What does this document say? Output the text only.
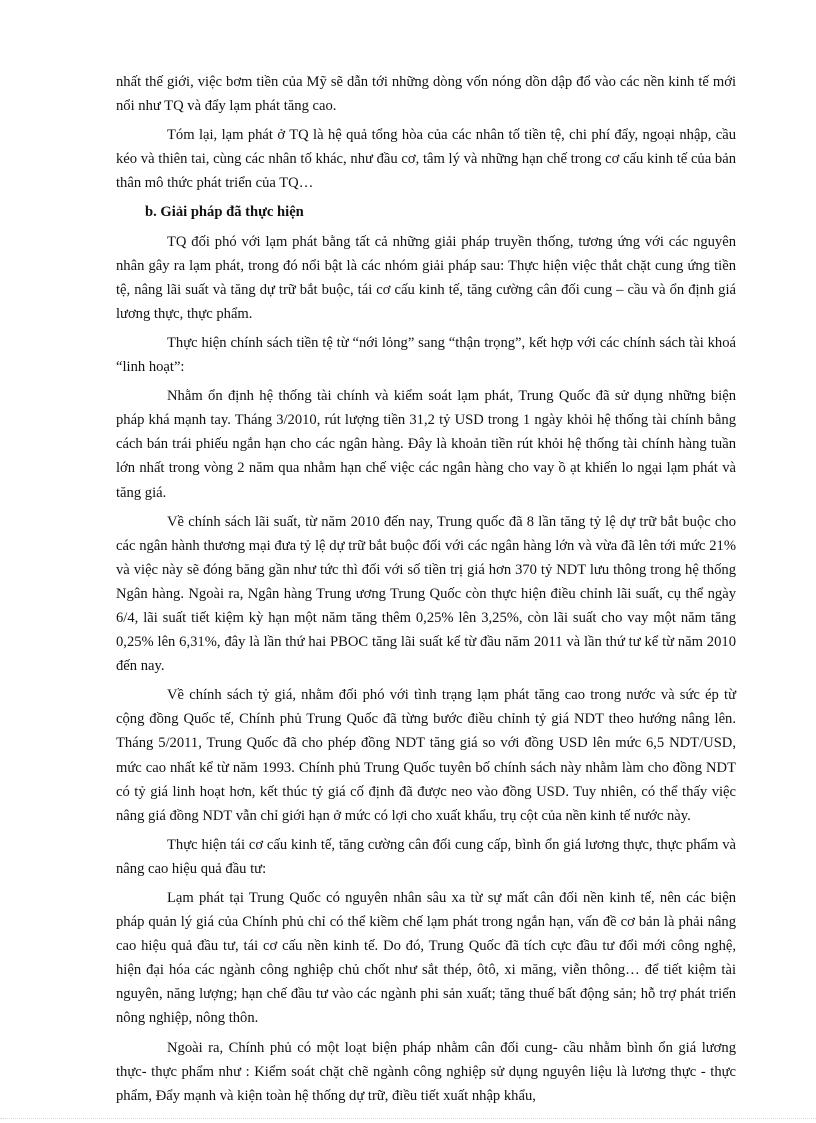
nhất thế giới, việc bơm tiền của Mỹ sẽ dẫn tới những dòng vốn nóng dồn dập đổ vào các nền kinh tế mới nổi như TQ và đẩy lạm phát tăng cao.

Tóm lại, lạm phát ở TQ là hệ quả tổng hòa của các nhân tố tiền tệ, chi phí đẩy, ngoại nhập, cầu kéo và thiên tai, cùng các nhân tố khác, như đầu cơ, tâm lý và những hạn chế trong cơ cấu kinh tế của bản thân mô thức phát triển của TQ…

b. Giải pháp đã thực hiện

TQ đối phó với lạm phát bằng tất cả những giải pháp truyền thống, tương ứng với các nguyên nhân gây ra lạm phát, trong đó nổi bật là các nhóm giải pháp sau: Thực hiện việc thắt chặt cung ứng tiền tệ, nâng lãi suất và tăng dự trữ bắt buộc, tái cơ cấu kinh tế, tăng cường cân đối cung – cầu và ổn định giá lương thực, thực phẩm.

Thực hiện chính sách tiền tệ từ “nới lỏng” sang “thận trọng”, kết hợp với các chính sách tài khoá “linh hoạt”:

Nhằm ổn định hệ thống tài chính và kiểm soát lạm phát, Trung Quốc đã sử dụng những biện pháp khá mạnh tay. Tháng 3/2010, rút lượng tiền 31,2 tỷ USD trong 1 ngày khỏi hệ thống tài chính bằng cách bán trái phiếu ngắn hạn cho các ngân hàng. Đây là khoản tiền rút khỏi hệ thống tài chính hàng tuần lớn nhất trong vòng 2 năm qua nhằm hạn chế việc các ngân hàng cho vay ồ ạt khiến lo ngại lạm phát và tăng giá.

Về chính sách lãi suất, từ năm 2010 đến nay, Trung quốc đã 8 lần tăng tỷ lệ dự trữ bắt buộc cho các ngân hành thương mại đưa tỷ lệ dự trữ bắt buộc đối với các ngân hàng lớn và vừa đã lên tới mức 21% và việc này sẽ đóng băng gần như tức thì đối với số tiền trị giá hơn 370 tỷ NDT lưu thông trong hệ thống Ngân hàng. Ngoài ra, Ngân hàng Trung ương Trung Quốc còn thực hiện điều chỉnh lãi suất, cụ thể ngày 6/4, lãi suất tiết kiệm kỳ hạn một năm tăng thêm 0,25% lên 3,25%, còn lãi suất cho vay một năm tăng 0,25% lên 6,31%, đây là lần thứ hai PBOC tăng lãi suất kể từ đầu năm 2011 và lần thứ tư kể từ năm 2010 đến nay.

Về chính sách tỷ giá, nhằm đối phó với tình trạng lạm phát tăng cao trong nước và sức ép từ cộng đồng Quốc tế, Chính phủ Trung Quốc đã từng bước điều chỉnh tỷ giá NDT theo hướng nâng lên. Tháng 5/2011, Trung Quốc đã cho phép đồng NDT tăng giá so với đồng USD lên mức 6,5 NDT/USD, mức cao nhất kể từ năm 1993. Chính phủ Trung Quốc tuyên bố chính sách này nhằm làm cho đồng NDT có tỷ giá linh hoạt hơn, kết thúc tỷ giá cố định đã được neo vào đồng USD. Tuy nhiên, có thể thấy việc nâng giá đồng NDT vẫn chỉ giới hạn ở mức có lợi cho xuất khẩu, trụ cột của nền kinh tế nước này.

Thực hiện tái cơ cấu kinh tế, tăng cường cân đối cung cấp, bình ổn giá lương thực, thực phẩm và nâng cao hiệu quả đầu tư:

Lạm phát tại Trung Quốc có nguyên nhân sâu xa từ sự mất cân đối nền kinh tế, nên các biện pháp quản lý giá của Chính phủ chỉ có thể kiềm chế lạm phát trong ngắn hạn, vấn đề cơ bản là phải nâng cao hiệu quả đầu tư, tái cơ cấu nền kinh tế. Do đó, Trung Quốc đã tích cực đầu tư đổi mới công nghệ, hiện đại hóa các ngành công nghiệp chủ chốt như sắt thép, ôtô, xi măng, viễn thông… để tiết kiệm tài nguyên, năng lượng; hạn chế đầu tư vào các ngành phi sản xuất; tăng thuế bất động sản; hỗ trợ phát triển nông nghiệp, nông thôn.

Ngoài ra, Chính phủ có một loạt biện pháp nhằm cân đối cung- cầu nhằm bình ổn giá lương thực- thực phẩm như : Kiểm soát chặt chẽ ngành công nghiệp sử dụng nguyên liệu là lương thực - thực phẩm, Đẩy mạnh và kiện toàn hệ thống dự trữ, điều tiết xuất nhập khẩu,
